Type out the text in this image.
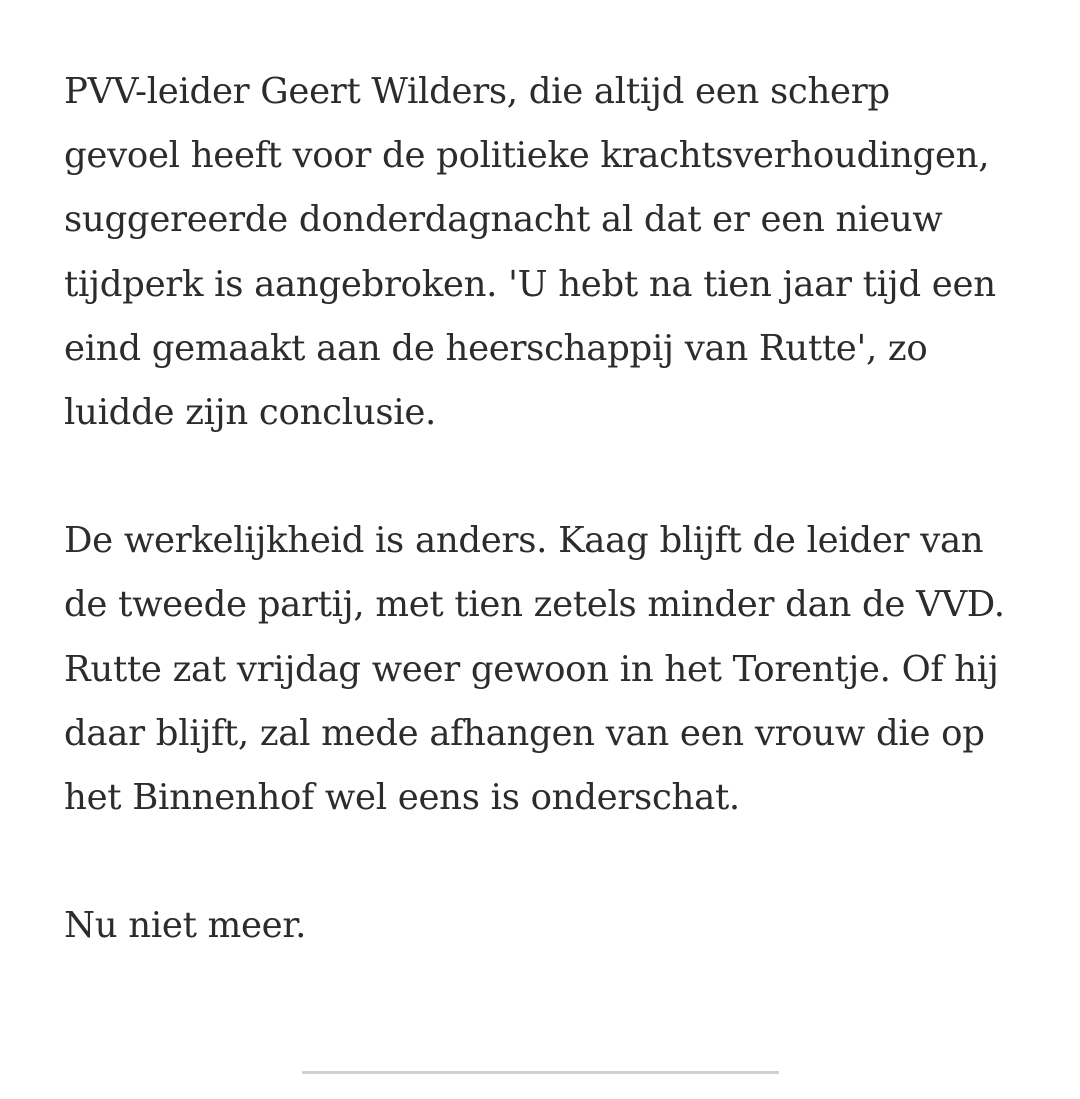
PVV-leider Geert Wilders, die altijd een scherp
gevoel heeft voor de politieke krachtsverhoudingen,
suggereerde donderdagnacht al dat er een nieuw
tijdperk is aangebroken. 'U hebt na tien jaar tijd een
eind gemaakt aan de heerschappij van Rutte', zo
luidde zijn conclusie.

De werkelijkheid is anders. Kaag blijft de leider van
de tweede partij, met tien zetels minder dan de VVD.
Rutte zat vrijdag weer gewoon in het Torentje. Of hij
daar blijft, zal mede afhangen van een vrouw die op
het Binnenhof wel eens is onderschat.

Nu niet meer.
